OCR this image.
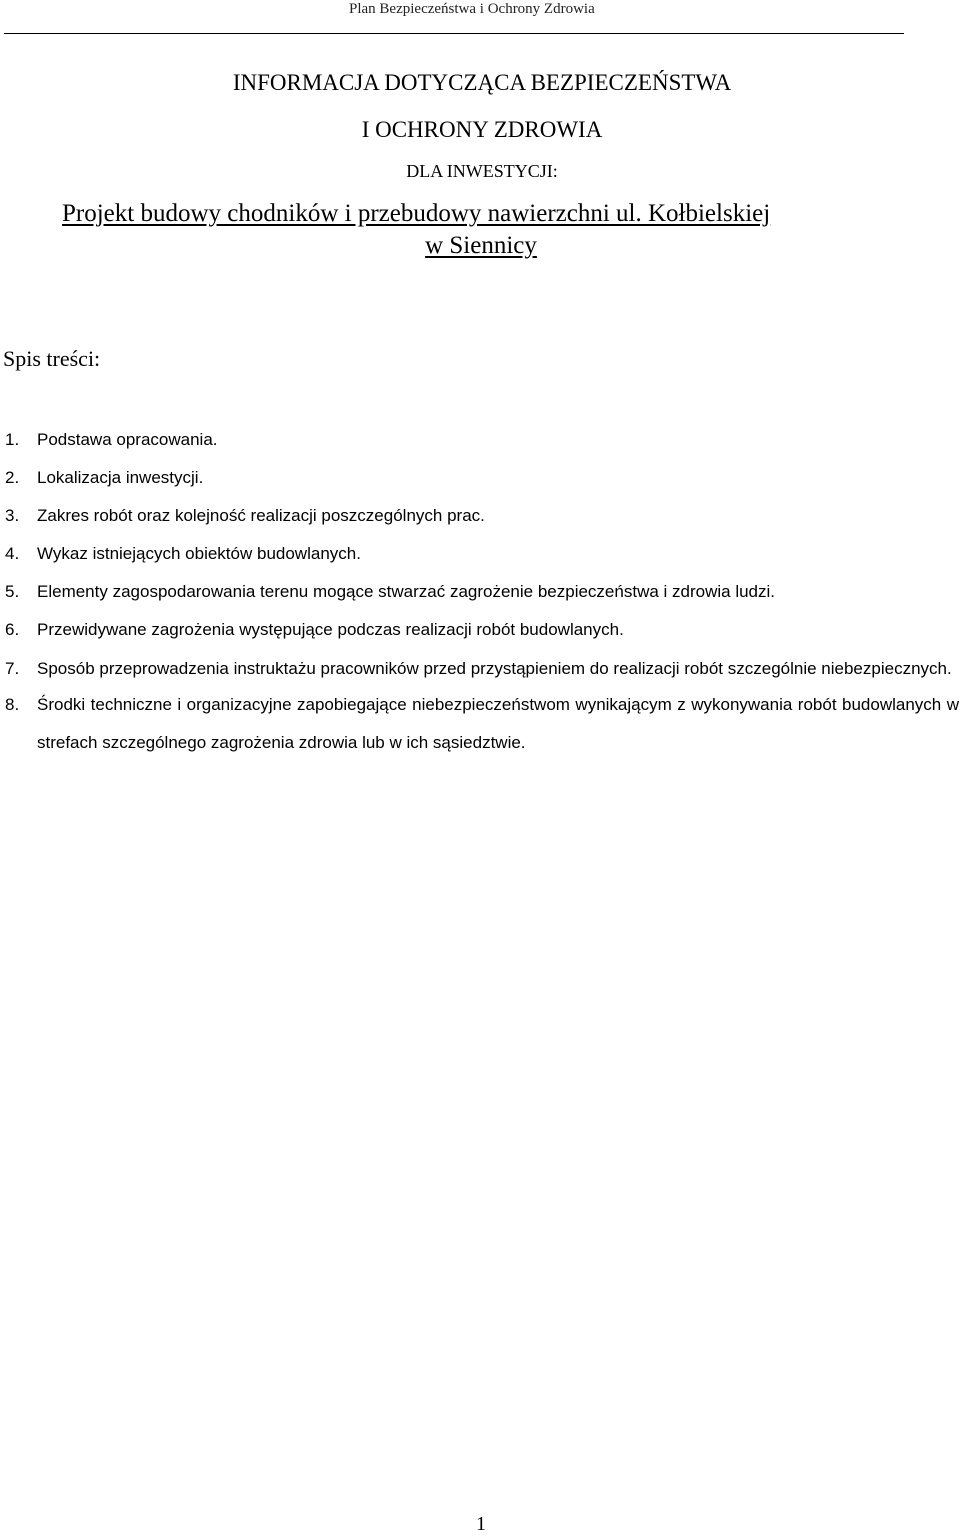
Plan Bezpieczeństwa i Ochrony Zdrowia
INFORMACJA DOTYCZĄCA BEZPIECZEŃSTWA
I OCHRONY ZDROWIA
DLA INWESTYCJI:
Projekt budowy chodników i przebudowy nawierzchni ul. Kołbielskiej
w Siennicy
Spis treści:
1. Podstawa opracowania.
2. Lokalizacja inwestycji.
3. Zakres robót oraz kolejność realizacji poszczególnych prac.
4. Wykaz istniejących obiektów budowlanych.
5. Elementy zagospodarowania terenu mogące stwarzać zagrożenie bezpieczeństwa i zdrowia ludzi.
6. Przewidywane zagrożenia występujące podczas realizacji robót budowlanych.
7. Sposób przeprowadzenia instruktażu pracowników przed przystąpieniem do realizacji robót szczególnie niebezpiecznych.
8. Środki techniczne i organizacyjne zapobiegające niebezpieczeństwom wynikającym z wykonywania robót budowlanych w strefach szczególnego zagrożenia zdrowia lub w ich sąsiedztwie.
1
